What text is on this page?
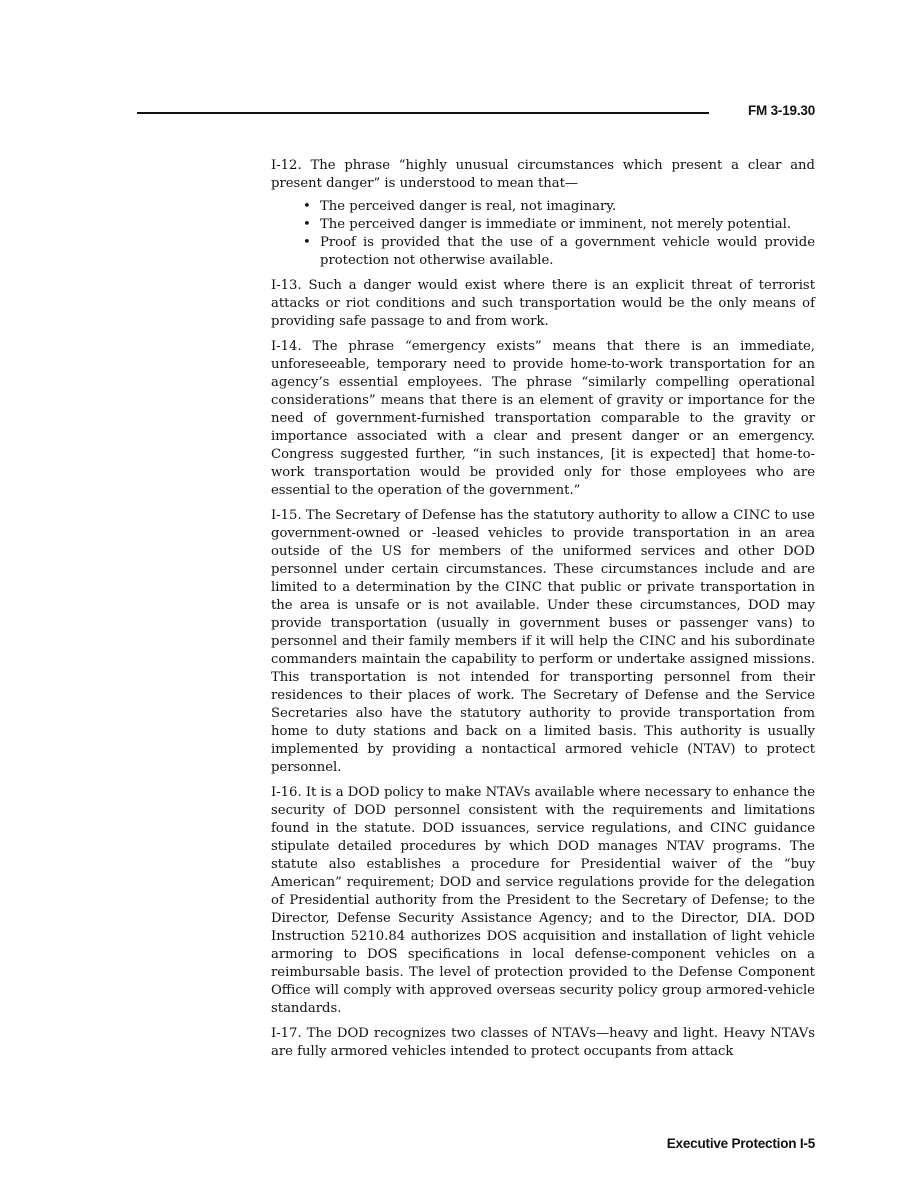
FM 3-19.30

I-12. The phrase “highly unusual circumstances which present a clear and present danger” is understood to mean that—

• The perceived danger is real, not imaginary.
• The perceived danger is immediate or imminent, not merely potential.
• Proof is provided that the use of a government vehicle would provide protection not otherwise available.

I-13. Such a danger would exist where there is an explicit threat of terrorist attacks or riot conditions and such transportation would be the only means of providing safe passage to and from work.

I-14. The phrase “emergency exists” means that there is an immediate, unforeseeable, temporary need to provide home-to-work transportation for an agency’s essential employees. The phrase “similarly compelling operational considerations” means that there is an element of gravity or importance for the need of government-furnished transportation comparable to the gravity or importance associated with a clear and present danger or an emergency. Congress suggested further, “in such instances, [it is expected] that home-to-work transportation would be provided only for those employees who are essential to the operation of the government.”

I-15. The Secretary of Defense has the statutory authority to allow a CINC to use government-owned or -leased vehicles to provide transportation in an area outside of the US for members of the uniformed services and other DOD personnel under certain circumstances. These circumstances include and are limited to a determination by the CINC that public or private transportation in the area is unsafe or is not available. Under these circumstances, DOD may provide transportation (usually in government buses or passenger vans) to personnel and their family members if it will help the CINC and his subordinate commanders maintain the capability to perform or undertake assigned missions. This transportation is not intended for transporting personnel from their residences to their places of work. The Secretary of Defense and the Service Secretaries also have the statutory authority to provide transportation from home to duty stations and back on a limited basis. This authority is usually implemented by providing a nontactical armored vehicle (NTAV) to protect personnel.

I-16. It is a DOD policy to make NTAVs available where necessary to enhance the security of DOD personnel consistent with the requirements and limitations found in the statute. DOD issuances, service regulations, and CINC guidance stipulate detailed procedures by which DOD manages NTAV programs. The statute also establishes a procedure for Presidential waiver of the “buy American” requirement; DOD and service regulations provide for the delegation of Presidential authority from the President to the Secretary of Defense; to the Director, Defense Security Assistance Agency; and to the Director, DIA. DOD Instruction 5210.84 authorizes DOS acquisition and installation of light vehicle armoring to DOS specifications in local defense-component vehicles on a reimbursable basis. The level of protection provided to the Defense Component Office will comply with approved overseas security policy group armored-vehicle standards.

I-17. The DOD recognizes two classes of NTAVs—heavy and light. Heavy NTAVs are fully armored vehicles intended to protect occupants from attack

Executive Protection I-5
